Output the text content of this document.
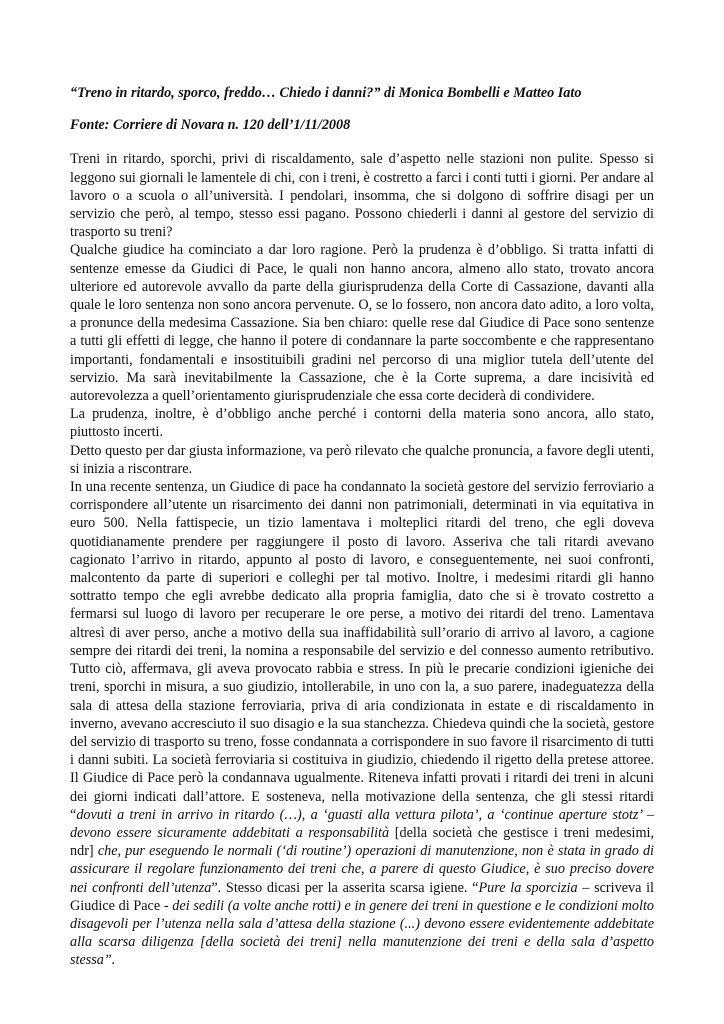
“Treno in ritardo, sporco, freddo… Chiedo i danni?” di Monica Bombelli e Matteo Iato

Fonte: Corriere di Novara n. 120 dell’1/11/2008

Treni in ritardo, sporchi, privi di riscaldamento, sale d’aspetto nelle stazioni non pulite. Spesso si leggono sui giornali le lamentele di chi, con i treni, è costretto a farci i conti tutti i giorni. Per andare al lavoro o a scuola o all’università. I pendolari, insomma, che si dolgono di soffrire disagi per un servizio che però, al tempo, stesso essi pagano. Possono chiederli i danni al gestore del servizio di trasporto su treni?

Qualche giudice ha cominciato a dar loro ragione. Però la prudenza è d’obbligo. Si tratta infatti di sentenze emesse da Giudici di Pace, le quali non hanno ancora, almeno allo stato, trovato ancora ulteriore ed autorevole avvallo da parte della giurisprudenza della Corte di Cassazione, davanti alla quale le loro sentenza non sono ancora pervenute. O, se lo fossero, non ancora dato adito, a loro volta, a pronunce della medesima Cassazione. Sia ben chiaro: quelle rese dal Giudice di Pace sono sentenze a tutti gli effetti di legge, che hanno il potere di condannare la parte soccombente e che rappresentano importanti, fondamentali e insostituibili gradini nel percorso di una miglior tutela dell’utente del servizio. Ma sarà inevitabilmente la Cassazione, che è la Corte suprema, a dare incisività ed autorevolezza a quell’orientamento giurisprudenziale che essa corte deciderà di condividere.

La prudenza, inoltre, è d’obbligo anche perché i contorni della materia sono ancora, allo stato, piuttosto incerti.

Detto questo per dar giusta informazione, va però rilevato che qualche pronuncia, a favore degli utenti, si inizia a riscontrare.

In una recente sentenza, un Giudice di pace ha condannato la società gestore del servizio ferroviario a corrispondere all’utente un risarcimento dei danni non patrimoniali, determinati in via equitativa in euro 500. Nella fattispecie, un tizio lamentava i molteplici ritardi del treno, che egli doveva quotidianamente prendere per raggiungere il posto di lavoro. Asseriva che tali ritardi avevano cagionato l’arrivo in ritardo, appunto al posto di lavoro, e conseguentemente, nei suoi confronti, malcontento da parte di superiori e colleghi per tal motivo. Inoltre, i medesimi ritardi gli hanno sottratto tempo che egli avrebbe dedicato alla propria famiglia, dato che si è trovato costretto a fermarsi sul luogo di lavoro per recuperare le ore perse, a motivo dei ritardi del treno. Lamentava altresì di aver perso, anche a motivo della sua inaffidabilità sull’orario di arrivo al lavoro, a cagione sempre dei ritardi dei treni, la nomina a responsabile del servizio e del connesso aumento retributivo. Tutto ciò, affermava, gli aveva provocato rabbia e stress. In più le precarie condizioni igieniche dei treni, sporchi in misura, a suo giudizio, intollerabile, in uno con la, a suo parere, inadeguatezza della sala di attesa della stazione ferroviaria, priva di aria condizionata in estate e di riscaldamento in inverno, avevano accresciuto il suo disagio e la sua stanchezza. Chiedeva quindi che la società, gestore del servizio di trasporto su treno, fosse condannata a corrispondere in suo favore il risarcimento di tutti i danni subiti. La società ferroviaria si costituiva in giudizio, chiedendo il rigetto della pretese attoree. Il Giudice di Pace però la condannava ugualmente. Riteneva infatti provati i ritardi dei treni in alcuni dei giorni indicati dall’attore. E sosteneva, nella motivazione della sentenza, che gli stessi ritardi “dovuti a treni in arrivo in ritardo (…), a ‘guasti alla vettura pilota’, a ‘continue aperture stotz’ – devono essere sicuramente addebitati a responsabilità [della società che gestisce i treni medesimi, ndr] che, pur eseguendo le normali (‘di routine’) operazioni di manutenzione, non è stata in grado di assicurare il regolare funzionamento dei treni che, a parere di questo Giudice, è suo preciso dovere nei confronti dell’utenza”. Stesso dicasi per la asserita scarsa igiene. “Pure la sporcizia – scriveva il Giudice di Pace - dei sedili (a volte anche rotti) e in genere dei treni in questione e le condizioni molto disagevoli per l’utenza nella sala d’attesa della stazione (...) devono essere evidentemente addebitate alla scarsa diligenza [della società dei treni] nella manutenzione dei treni e della sala d’aspetto stessa”.
